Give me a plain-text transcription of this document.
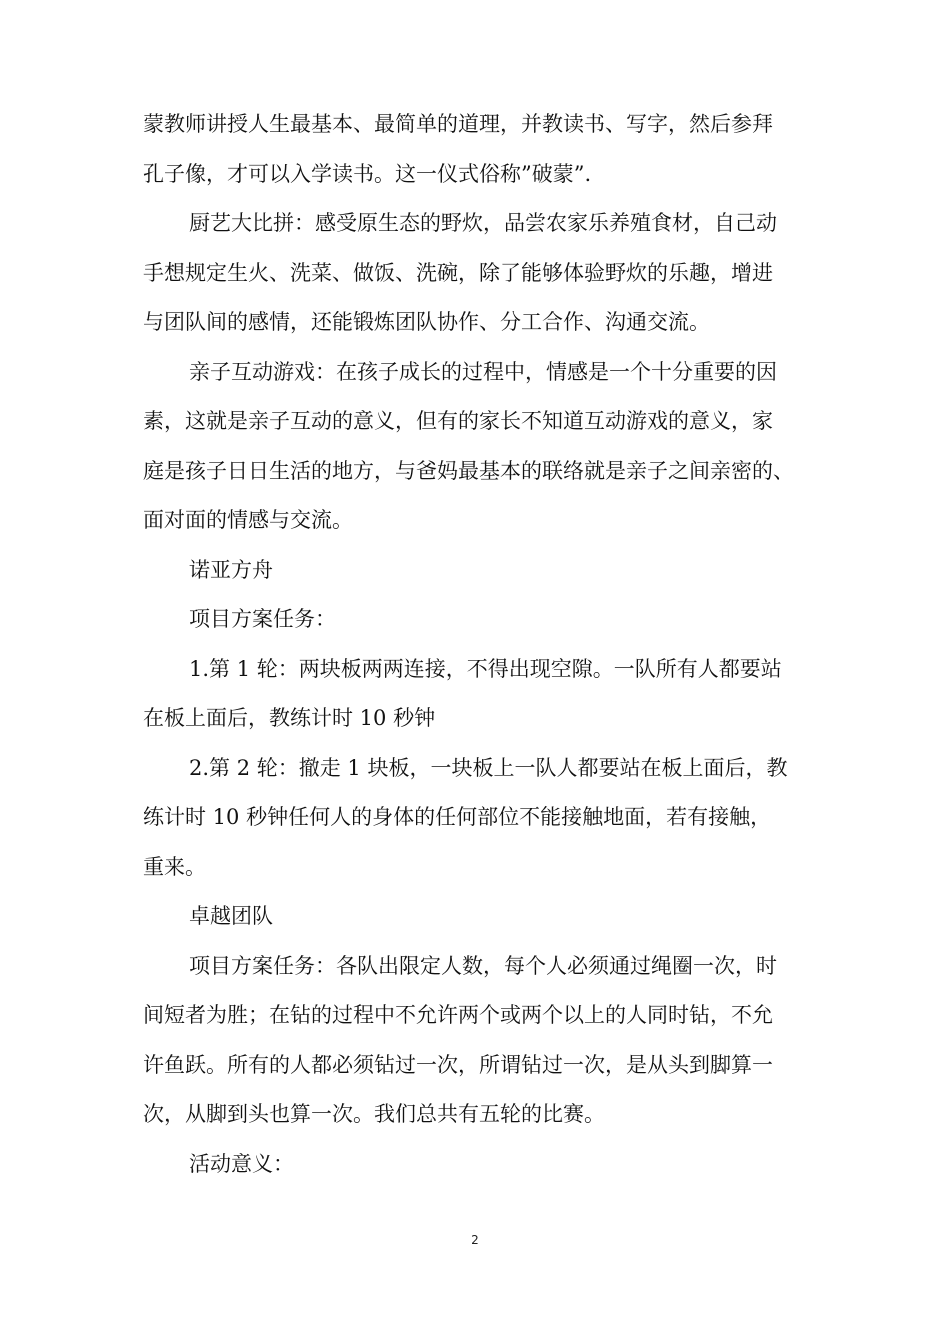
蒙教师讲授人生最基本、最简单的道理，并教读书、写字，然后参拜
孔子像，才可以入学读书。这一仪式俗称”破蒙”.
厨艺大比拼：感受原生态的野炊，品尝农家乐养殖食材，自己动
手想规定生火、洗菜、做饭、洗碗，除了能够体验野炊的乐趣，增进
与团队间的感情，还能锻炼团队协作、分工合作、沟通交流。
亲子互动游戏：在孩子成长的过程中，情感是一个十分重要的因
素，这就是亲子互动的意义，但有的家长不知道互动游戏的意义，家
庭是孩子日日生活的地方，与爸妈最基本的联络就是亲子之间亲密的、
面对面的情感与交流。
诺亚方舟
项目方案任务：
1.第 1 轮：两块板两两连接，不得出现空隙。一队所有人都要站
在板上面后，教练计时 10 秒钟
2.第 2 轮：撤走 1 块板，一块板上一队人都要站在板上面后，教
练计时 10 秒钟任何人的身体的任何部位不能接触地面，若有接触，
重来。
卓越团队
项目方案任务：各队出限定人数，每个人必须通过绳圈一次，时
间短者为胜；在钻的过程中不允许两个或两个以上的人同时钻，不允
许鱼跃。所有的人都必须钻过一次，所谓钻过一次，是从头到脚算一
次，从脚到头也算一次。我们总共有五轮的比赛。
活动意义：
2
